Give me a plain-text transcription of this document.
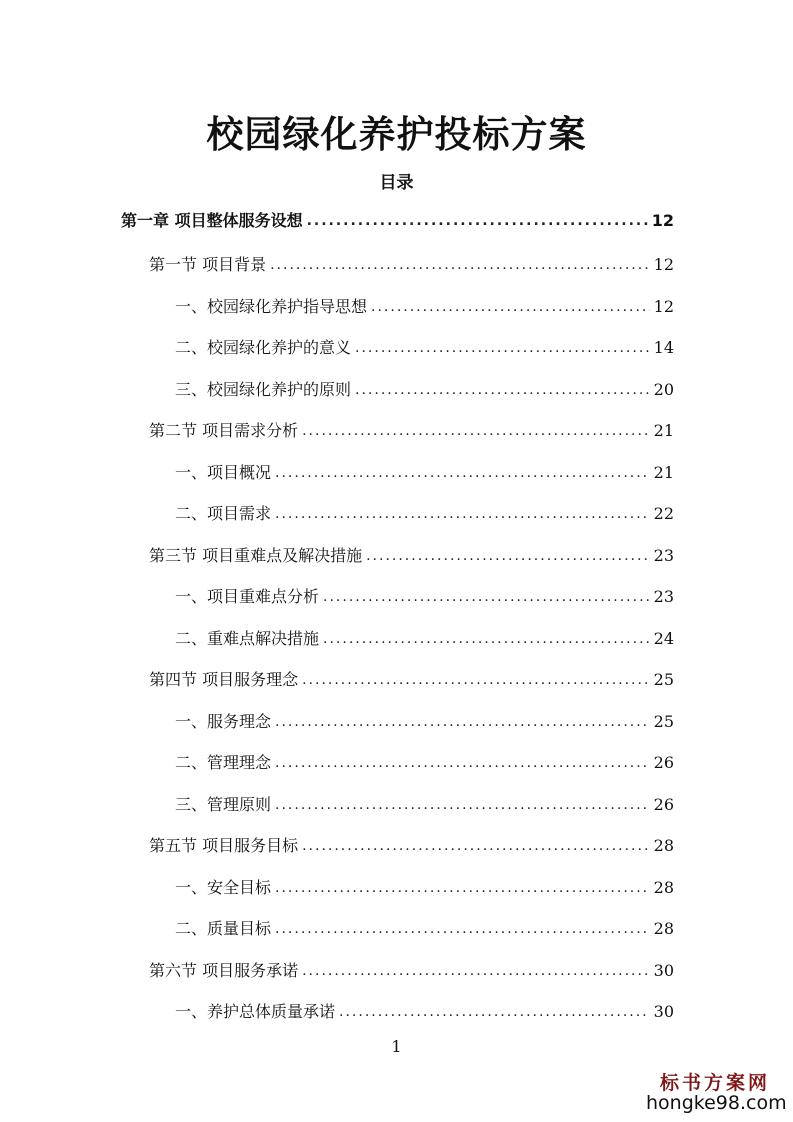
校园绿化养护投标方案
目录
第一章 项目整体服务设想 .....	12
第一节 项目背景 .....	12
一、校园绿化养护指导思想 .....	12
二、校园绿化养护的意义 .....	14
三、校园绿化养护的原则 .....	20
第二节 项目需求分析 .....	21
一、项目概况 .....	21
二、项目需求 .....	22
第三节 项目重难点及解决措施 .....	23
一、项目重难点分析 .....	23
二、重难点解决措施 .....	24
第四节 项目服务理念 .....	25
一、服务理念 .....	25
二、管理理念 .....	26
三、管理原则 .....	26
第五节 项目服务目标 .....	28
一、安全目标 .....	28
二、质量目标 .....	28
第六节 项目服务承诺 .....	30
一、养护总体质量承诺 .....	30
1
标书方案网
hongke98.com
